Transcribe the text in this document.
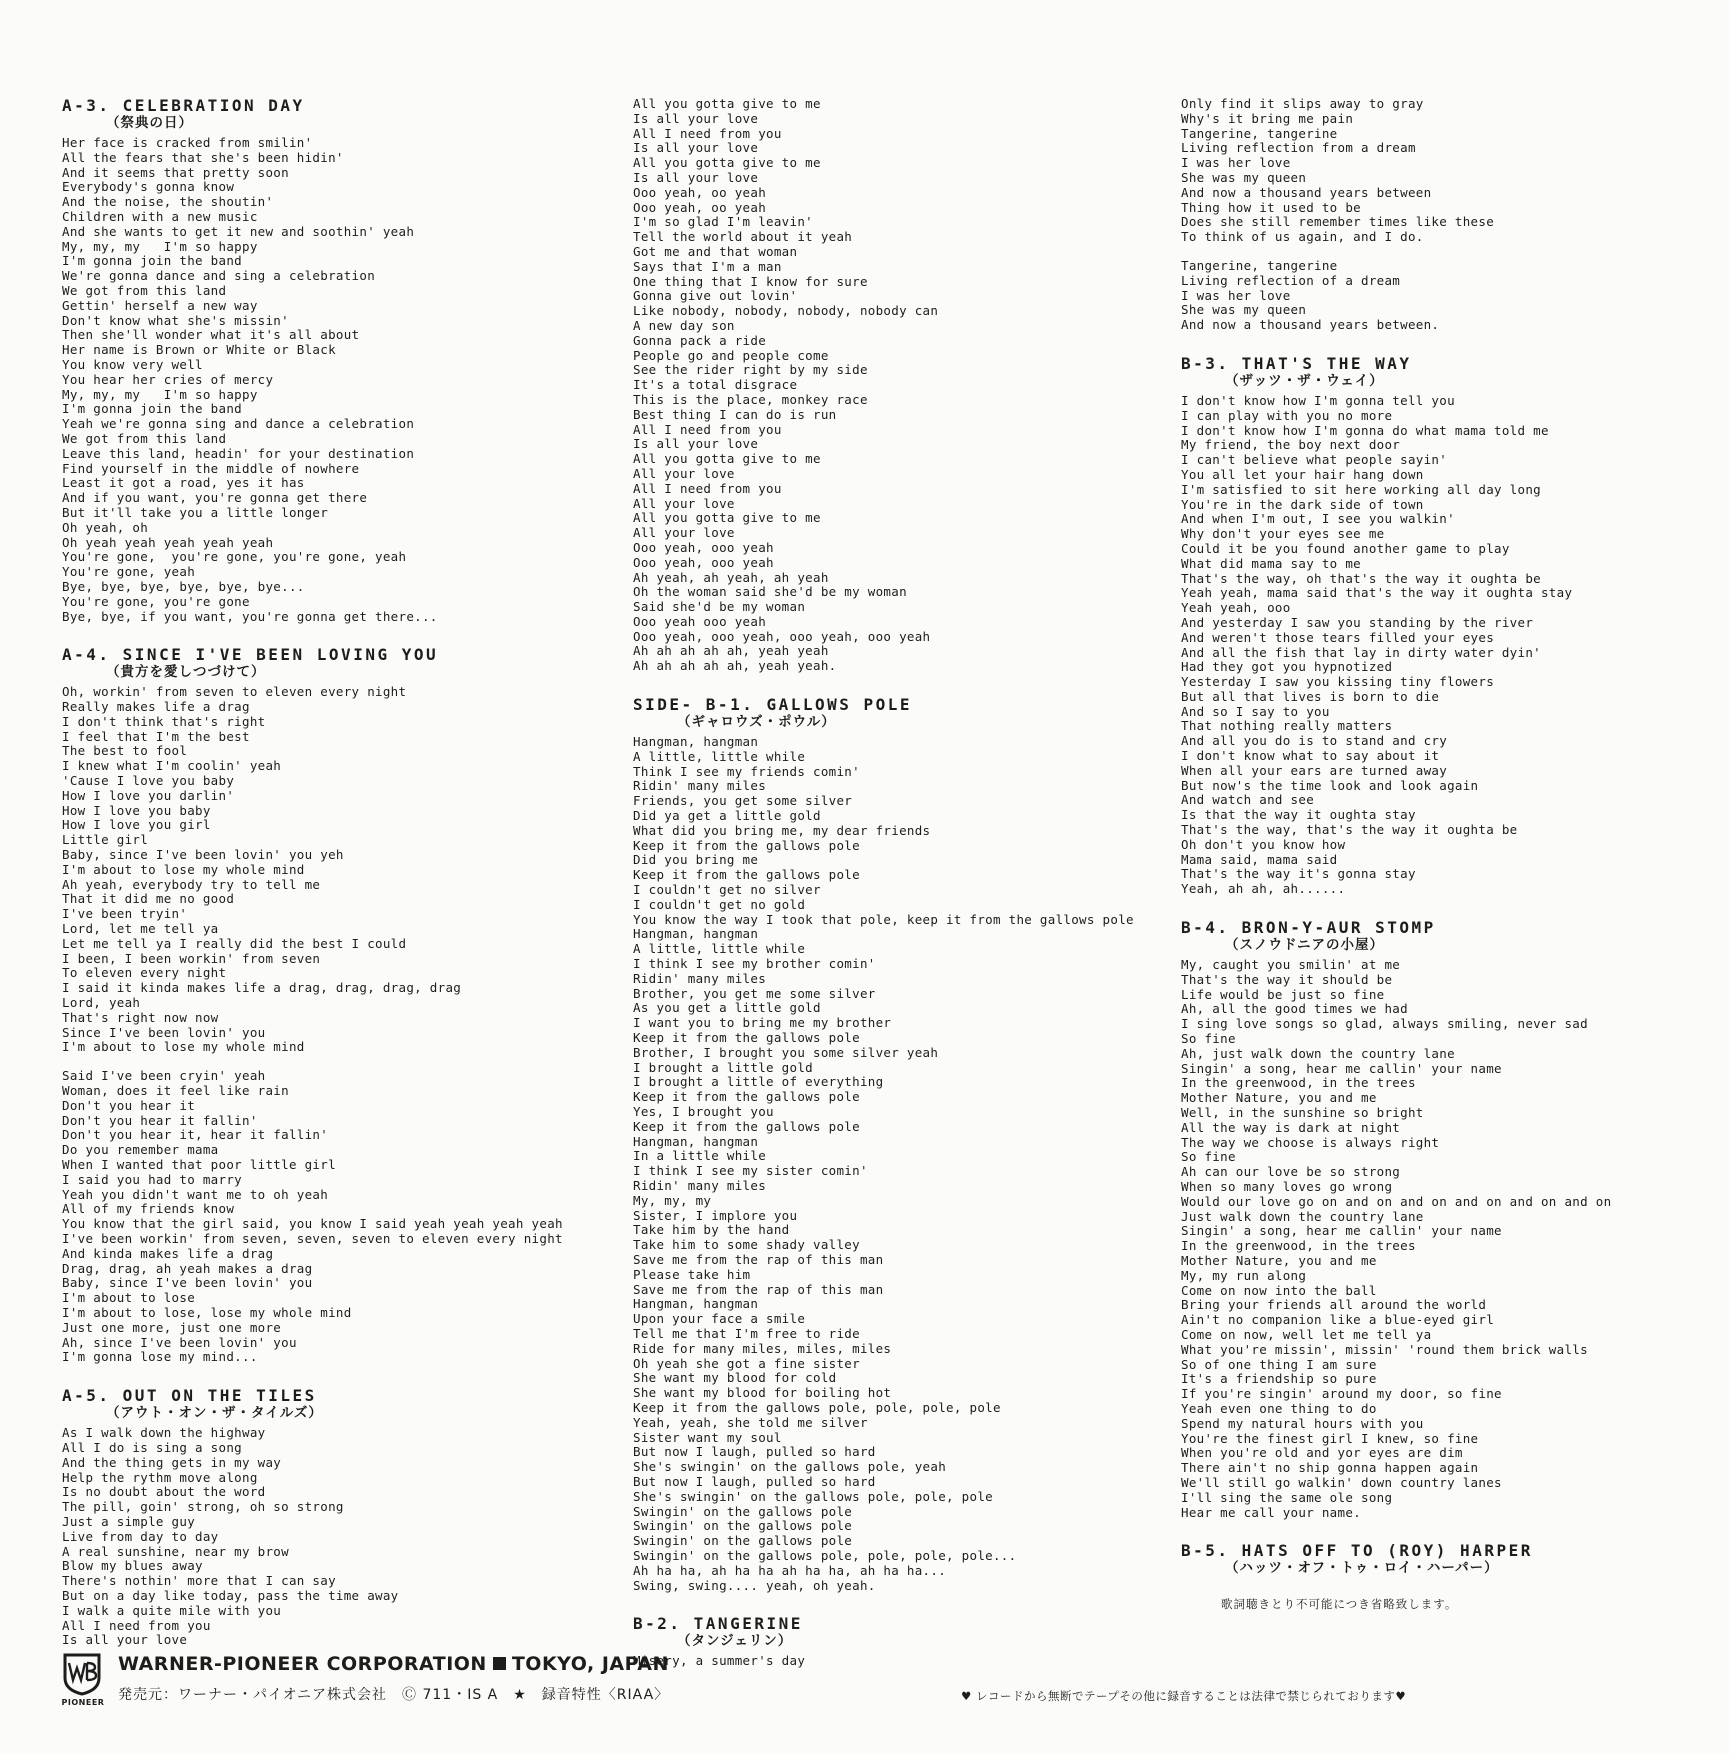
A-3. CELEBRATION DAY
（祭典の日）
Her face is cracked from smilin'
All the fears that she's been hidin'
And it seems that pretty soon
Everybody's gonna know
And the noise, the shoutin'
Children with a new music
And she wants to get it new and soothin' yeah
My, my, my   I'm so happy
I'm gonna join the band
We're gonna dance and sing a celebration
We got from this land
Gettin' herself a new way
Don't know what she's missin'
Then she'll wonder what it's all about
Her name is Brown or White or Black
You know very well
You hear her cries of mercy
My, my, my   I'm so happy
I'm gonna join the band
Yeah we're gonna sing and dance a celebration
We got from this land
Leave this land, headin' for your destination
Find yourself in the middle of nowhere
Least it got a road, yes it has
And if you want, you're gonna get there
But it'll take you a little longer
Oh yeah, oh
Oh yeah yeah yeah yeah yeah
You're gone,  you're gone, you're gone, yeah
You're gone, yeah
Bye, bye, bye, bye, bye, bye...
You're gone, you're gone
Bye, bye, if you want, you're gonna get there...
A-4. SINCE I'VE BEEN LOVING YOU
（貴方を愛しつづけて）
Oh, workin' from seven to eleven every night
Really makes life a drag
I don't think that's right
I feel that I'm the best
The best to fool
I knew what I'm coolin' yeah
'Cause I love you baby
How I love you darlin'
How I love you baby
How I love you girl
Little girl
Baby, since I've been lovin' you yeh
I'm about to lose my whole mind
Ah yeah, everybody try to tell me
That it did me no good
I've been tryin'
Lord, let me tell ya
Let me tell ya I really did the best I could
I been, I been workin' from seven
To eleven every night
I said it kinda makes life a drag, drag, drag, drag
Lord, yeah
That's right now now
Since I've been lovin' you
I'm about to lose my whole mind
Said I've been cryin' yeah
Woman, does it feel like rain
Don't you hear it
Don't you hear it fallin'
Don't you hear it, hear it fallin'
Do you remember mama
When I wanted that poor little girl
I said you had to marry
Yeah you didn't want me to oh yeah
All of my friends know
You know that the girl said, you know I said yeah yeah yeah yeah
I've been workin' from seven, seven, seven to eleven every night
And kinda makes life a drag
Drag, drag, ah yeah makes a drag
Baby, since I've been lovin' you
I'm about to lose
I'm about to lose, lose my whole mind
Just one more, just one more
Ah, since I've been lovin' you
I'm gonna lose my mind...
A-5. OUT ON THE TILES
（アウト・オン・ザ・タイルズ）
As I walk down the highway
All I do is sing a song
And the thing gets in my way
Help the rythm move along
Is no doubt about the word
The pill, goin' strong, oh so strong
Just a simple guy
Live from day to day
A real sunshine, near my brow
Blow my blues away
There's nothin' more that I can say
But on a day like today, pass the time away
I walk a quite mile with you
All I need from you
Is all your love
All you gotta give to me
Is all your love
All I need from you
Is all your love
All you gotta give to me
Is all your love
Ooo yeah, oo yeah
Ooo yeah, oo yeah
I'm so glad I'm leavin'
Tell the world about it yeah
Got me and that woman
Says that I'm a man
One thing that I know for sure
Gonna give out lovin'
Like nobody, nobody, nobody, nobody can
A new day son
Gonna pack a ride
People go and people come
See the rider right by my side
It's a total disgrace
This is the place, monkey race
Best thing I can do is run
All I need from you
Is all your love
All you gotta give to me
All your love
All I need from you
All your love
All you gotta give to me
All your love
Ooo yeah, ooo yeah
Ooo yeah, ooo yeah
Ah yeah, ah yeah, ah yeah
Oh the woman said she'd be my woman
Said she'd be my woman
Ooo yeah ooo yeah
Ooo yeah, ooo yeah, ooo yeah, ooo yeah
Ah ah ah ah ah, yeah yeah
Ah ah ah ah ah, yeah yeah.
SIDE- B-1. GALLOWS POLE
（ギャロウズ・ポウル）
Hangman, hangman
A little, little while
Think I see my friends comin'
Ridin' many miles
Friends, you get some silver
Did ya get a little gold
What did you bring me, my dear friends
Keep it from the gallows pole
Did you bring me
Keep it from the gallows pole
I couldn't get no silver
I couldn't get no gold
You know the way I took that pole, keep it from the gallows pole
Hangman, hangman
A little, little while
I think I see my brother comin'
Ridin' many miles
Brother, you get me some silver
As you get a little gold
I want you to bring me my brother
Keep it from the gallows pole
Brother, I brought you some silver yeah
I brought a little gold
I brought a little of everything
Keep it from the gallows pole
Yes, I brought you
Keep it from the gallows pole
Hangman, hangman
In a little while
I think I see my sister comin'
Ridin' many miles
My, my, my
Sister, I implore you
Take him by the hand
Take him to some shady valley
Save me from the rap of this man
Please take him
Save me from the rap of this man
Hangman, hangman
Upon your face a smile
Tell me that I'm free to ride
Ride for many miles, miles, miles
Oh yeah she got a fine sister
She want my blood for cold
She want my blood for boiling hot
Keep it from the gallows pole, pole, pole, pole
Yeah, yeah, she told me silver
Sister want my soul
But now I laugh, pulled so hard
She's swingin' on the gallows pole, yeah
But now I laugh, pulled so hard
She's swingin' on the gallows pole, pole, pole
Swingin' on the gallows pole
Swingin' on the gallows pole
Swingin' on the gallows pole
Swingin' on the gallows pole, pole, pole, pole...
Ah ha ha, ah ha ha ah ha ha, ah ha ha...
Swing, swing.... yeah, oh yeah.
B-2. TANGERINE
（タンジェリン）
Misery, a summer's day
Only find it slips away to gray
Why's it bring me pain
Tangerine, tangerine
Living reflection from a dream
I was her love
She was my queen
And now a thousand years between
Thing how it used to be
Does she still remember times like these
To think of us again, and I do.
Tangerine, tangerine
Living reflection of a dream
I was her love
She was my queen
And now a thousand years between.
B-3. THAT'S THE WAY
（ザッツ・ザ・ウェイ）
I don't know how I'm gonna tell you
I can play with you no more
I don't know how I'm gonna do what mama told me
My friend, the boy next door
I can't believe what people sayin'
You all let your hair hang down
I'm satisfied to sit here working all day long
You're in the dark side of town
And when I'm out, I see you walkin'
Why don't your eyes see me
Could it be you found another game to play
What did mama say to me
That's the way, oh that's the way it oughta be
Yeah yeah, mama said that's the way it oughta stay
Yeah yeah, ooo
And yesterday I saw you standing by the river
And weren't those tears filled your eyes
And all the fish that lay in dirty water dyin'
Had they got you hypnotized
Yesterday I saw you kissing tiny flowers
But all that lives is born to die
And so I say to you
That nothing really matters
And all you do is to stand and cry
I don't know what to say about it
When all your ears are turned away
But now's the time look and look again
And watch and see
Is that the way it oughta stay
That's the way, that's the way it oughta be
Oh don't you know how
Mama said, mama said
That's the way it's gonna stay
Yeah, ah ah, ah......
B-4. BRON-Y-AUR STOMP
（スノウドニアの小屋）
My, caught you smilin' at me
That's the way it should be
Life would be just so fine
Ah, all the good times we had
I sing love songs so glad, always smiling, never sad
So fine
Ah, just walk down the country lane
Singin' a song, hear me callin' your name
In the greenwood, in the trees
Mother Nature, you and me
Well, in the sunshine so bright
All the way is dark at night
The way we choose is always right
So fine
Ah can our love be so strong
When so many loves go wrong
Would our love go on and on and on and on and on and on
Just walk down the country lane
Singin' a song, hear me callin' your name
In the greenwood, in the trees
Mother Nature, you and me
My, my run along
Come on now into the ball
Bring your friends all around the world
Ain't no companion like a blue-eyed girl
Come on now, well let me tell ya
What you're missin', missin' 'round them brick walls
So of one thing I am sure
It's a friendship so pure
If you're singin' around my door, so fine
Yeah even one thing to do
Spend my natural hours with you
You're the finest girl I knew, so fine
When you're old and yor eyes are dim
There ain't no ship gonna happen again
We'll still go walkin' down country lanes
I'll sing the same ole song
Hear me call your name.
B-5. HATS OFF TO (ROY) HARPER
（ハッツ・オフ・トゥ・ロイ・ハーパー）
歌詞聴きとり不可能につき省略致します。
PIONEER
WARNER-PIONEER CORPORATION TOKYO, JAPAN
発売元：ワーナー・パイオニア株式会社　Ⓒ 711・IS A　★　録音特性〈RIAA〉	♥ レコードから無断でテープその他に録音することは法律で禁じられております♥
